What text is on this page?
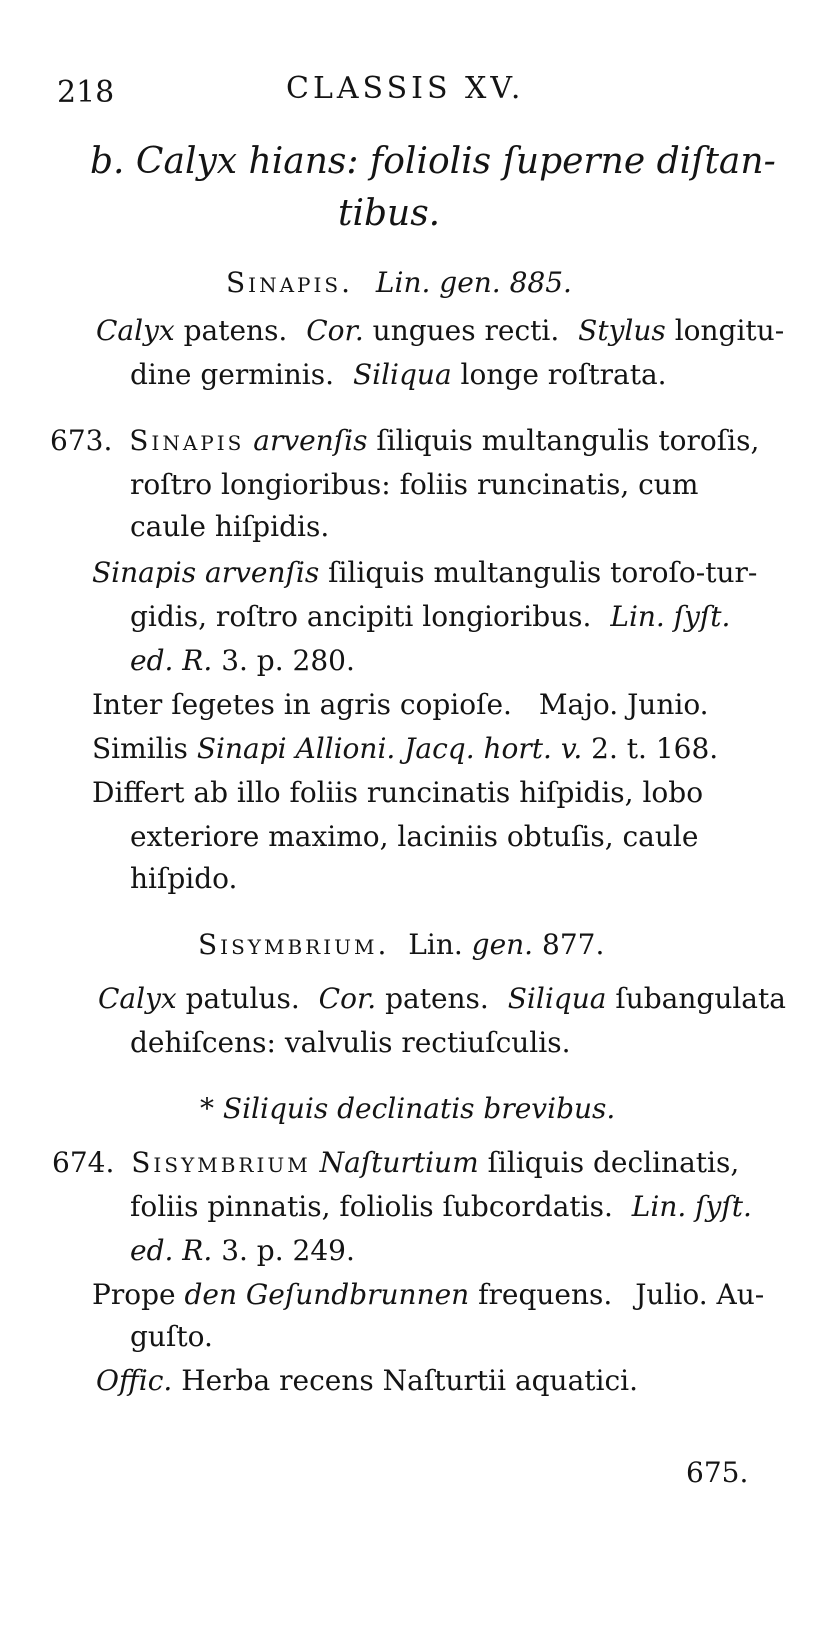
218	CLASSIS XV.
b. Calyx hians: foliolis ſuperne diſtan-
tibus.
Sinapis. Lin. gen. 885.
Calyx patens. Cor. ungues recti. Stylus longitu-
dine germinis. Siliqua longe roſtrata.
673. Sinapis arvenſis ſiliquis multangulis toroſis,
roſtro longioribus: foliis runcinatis, cum
caule hiſpidis.
Sinapis arvenſis ſiliquis multangulis toroſo-tur-
gidis, roſtro ancipiti longioribus. Lin. ſyſt.
ed. R. 3. p. 280.
Inter ſegetes in agris copioſe. Majo. Junio.
Similis Sinapi Allioni. Jacq. hort. v. 2. t. 168.
Differt ab illo foliis runcinatis hiſpidis, lobo
exteriore maximo, laciniis obtuſis, caule
hiſpido.
Sisymbrium. Lin. gen. 877.
Calyx patulus. Cor. patens. Siliqua ſubangulata
dehiſcens: valvulis rectiuſculis.
* Siliquis declinatis brevibus.
674. Sisymbrium Naſturtium ſiliquis declinatis,
foliis pinnatis, foliolis ſubcordatis. Lin. ſyſt.
ed. R. 3. p. 249.
Prope den Geſundbrunnen frequens. Julio. Au-
guſto.
Offic. Herba recens Naſturtii aquatici.
675.
